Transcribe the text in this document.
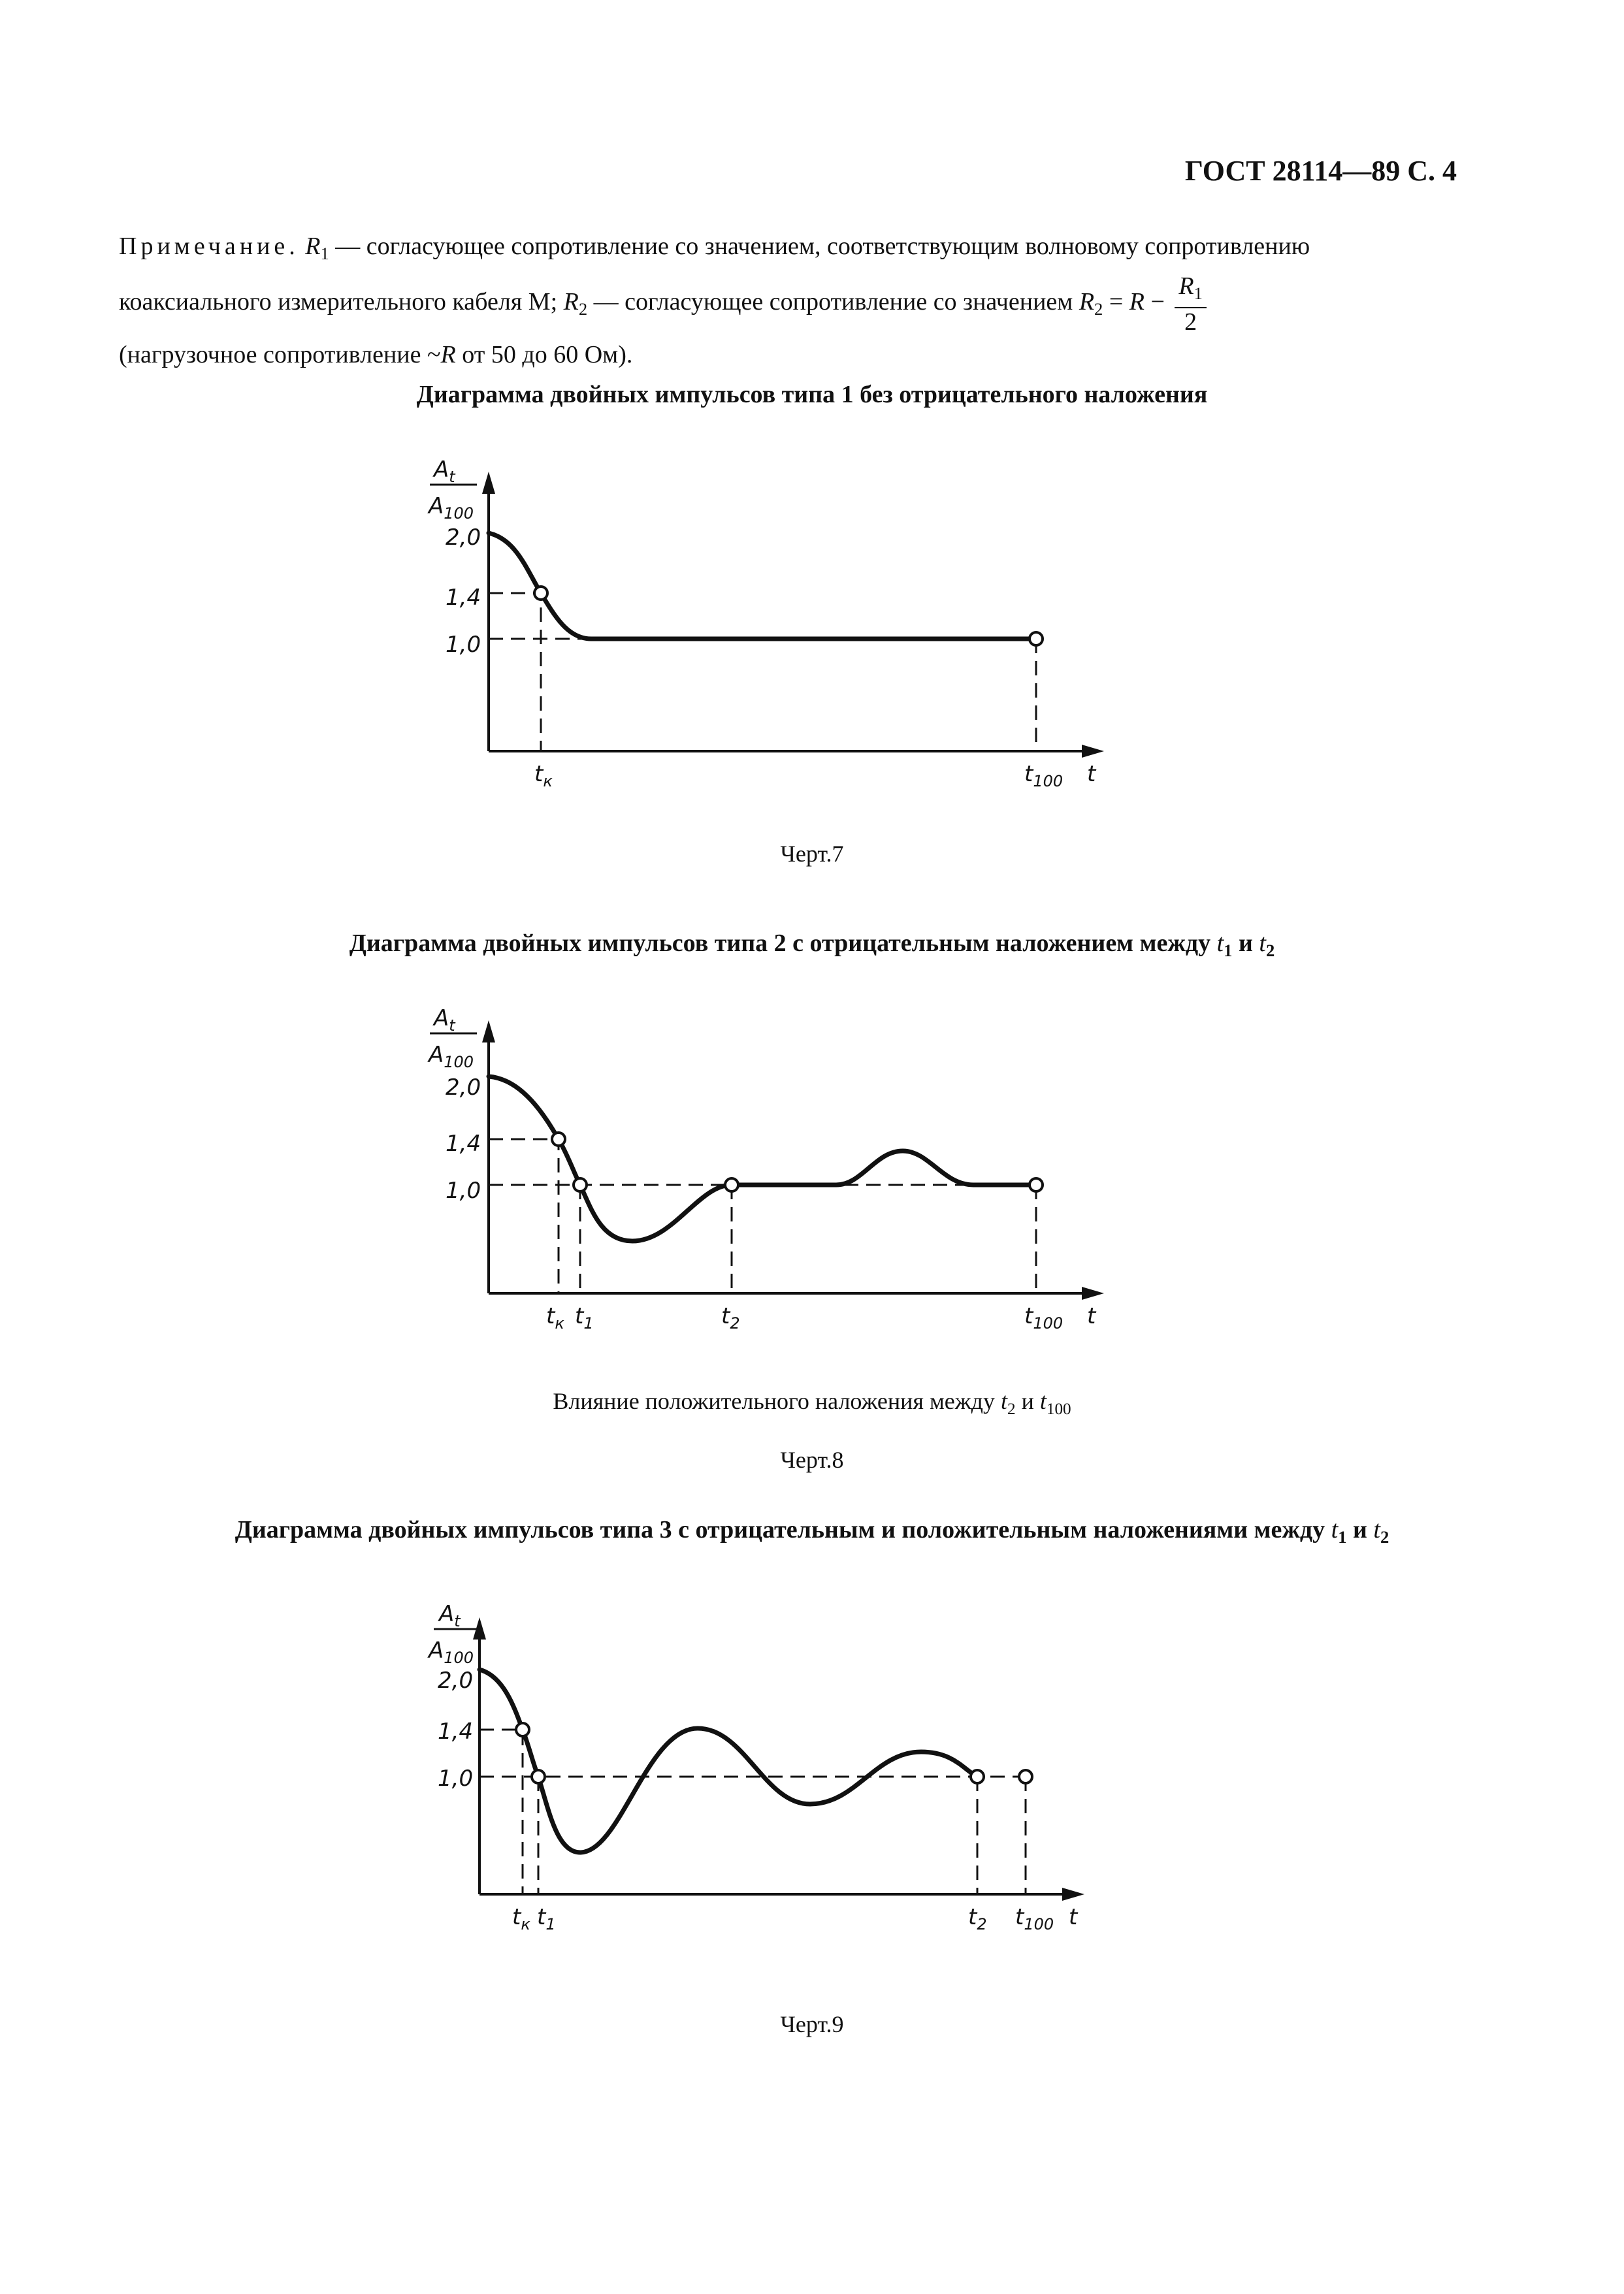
ГОСТ 28114—89 С. 4
Примечание. $R_1$ — согласующее сопротивление со значением, соответствующим волновому сопротивлению коаксиального измерительного кабеля М; $R_2$ — согласующее сопротивление со значением $R_2 = R - \frac{R_1}{2}$

(нагрузочное сопротивление ~R от 50 до 60 Ом).
Диаграмма двойных импульсов типа 1 без отрицательного наложения
$A_t$
$A_{100}$
2,0
1,4
1,0
$t_к$	$t_{100}$ t
Черт.7
Диаграмма двойных импульсов типа 2 с отрицательным наложением между $t_1$ и $t_2$
$A_t$
$A_{100}$
2,0
1,4
1,0
$t_к$ $t_1$	$t_2$	$t_{100}$ t
Влияние положительного наложения между $t_2$ и $t_{100}$
Черт.8
Диаграмма двойных импульсов типа 3 с отрицательным и положительным наложениями между $t_1$ и $t_2$
$A_t$
$A_{100}$
2,0
1,4
1,0
$t_к$ $t_1$	$t_2$ $t_{100}$ t
Черт.9
